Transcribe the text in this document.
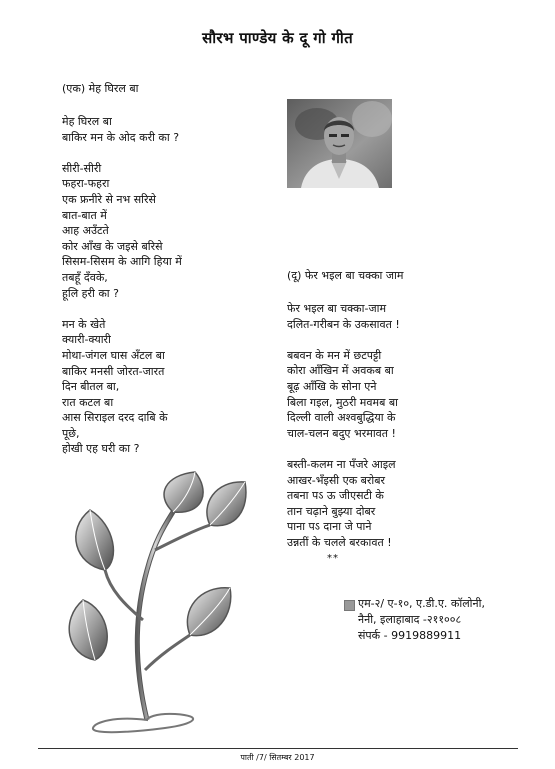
सौरभ पाण्डेय के दू गो गीत
(एक) मेह घिरल बा
मेह घिरल बा
बाकिर मन के ओद करी का ?
सीरी-सीरी
फहरा-फहरा
एक फ्रनीरे से नभ सरिसे
बात-बात में
आह अउँटते
कोर आँख के जइसे बरिसे
सिसम-सिसम के आगि हिया में
तबहूँ दँवके,
हूलि हरी का ?
मन के खेते
क्यारी-क्यारी
मोथा-जंगल घास अँटल बा
बाकिर मनसी जोरत-जारत
दिन बीतल बा,
रात कटल बा
आस सिराइल दरद दाबि के
पूछे,
होखी एह घरी का ?
(दू) फेर भइल बा चक्का जाम
फेर भइल बा चक्का-जाम
दलित-गरीबन के उकसावत !
बबवन के मन में छटपट्टी
कोरा आँखिन में अवकब बा
बूढ़ आँखि के सोना एने
बिला गइल, मुठरी मवमब बा
दिल्ली वाली अश्वबुद्धिया के
चाल-चलन बदुए भरमावत !
बस्ती-कलम ना पँजरे आइल
आखर-भँइसी एक बरोबर
तबना पऽ ऊ जीएसटी के
तान चढ़ाने बुझ्या दोबर
पाना पऽ दाना जे पाने
उन्नतीं के चलले बरकावत !
**
एम-२/ ए-१०, ए.डी.ए. कॉलोनी,
नैनी, इलाहाबाद -२११००८
संपर्क - 9919889911
पाती /7/ सितम्बर 2017
